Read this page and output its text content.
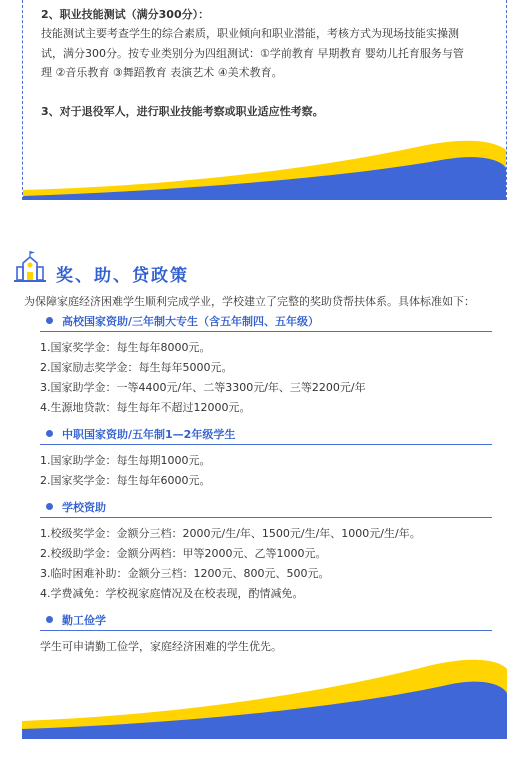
2、职业技能测试（满分300分）：

技能测试主要考查学生的综合素质，职业倾向和职业潜能，考核方式为现场技能实操测
试，满分300分。按专业类别分为四组测试：①学前教育 早期教育 婴幼儿托育服务与管
理 ②音乐教育 ③舞蹈教育 表演艺术 ④美术教育。

3、对于退役军人，进行职业技能考察或职业适应性考察。
奖、助、贷政策
为保障家庭经济困难学生顺利完成学业，学校建立了完整的奖助贷帮扶体系。具体标准如下：
高校国家资助/三年制大专生（含五年制四、五年级）
1.国家奖学金：每生每年8000元。
2.国家励志奖学金：每生每年5000元。
3.国家助学金：一等4400元/年、二等3300元/年、三等2200元/年
4.生源地贷款：每生每年不超过12000元。
中职国家资助/五年制1—2年级学生
1.国家助学金：每生每期1000元。
2.国家奖学金：每生每年6000元。
学校资助
1.校级奖学金：金额分三档：2000元/生/年、1500元/生/年、1000元/生/年。
2.校级助学金：金额分两档：甲等2000元、乙等1000元。
3.临时困难补助：金额分三档：1200元、800元、500元。
4.学费减免：学校视家庭情况及在校表现，酌情减免。
勤工俭学
学生可申请勤工俭学，家庭经济困难的学生优先。
